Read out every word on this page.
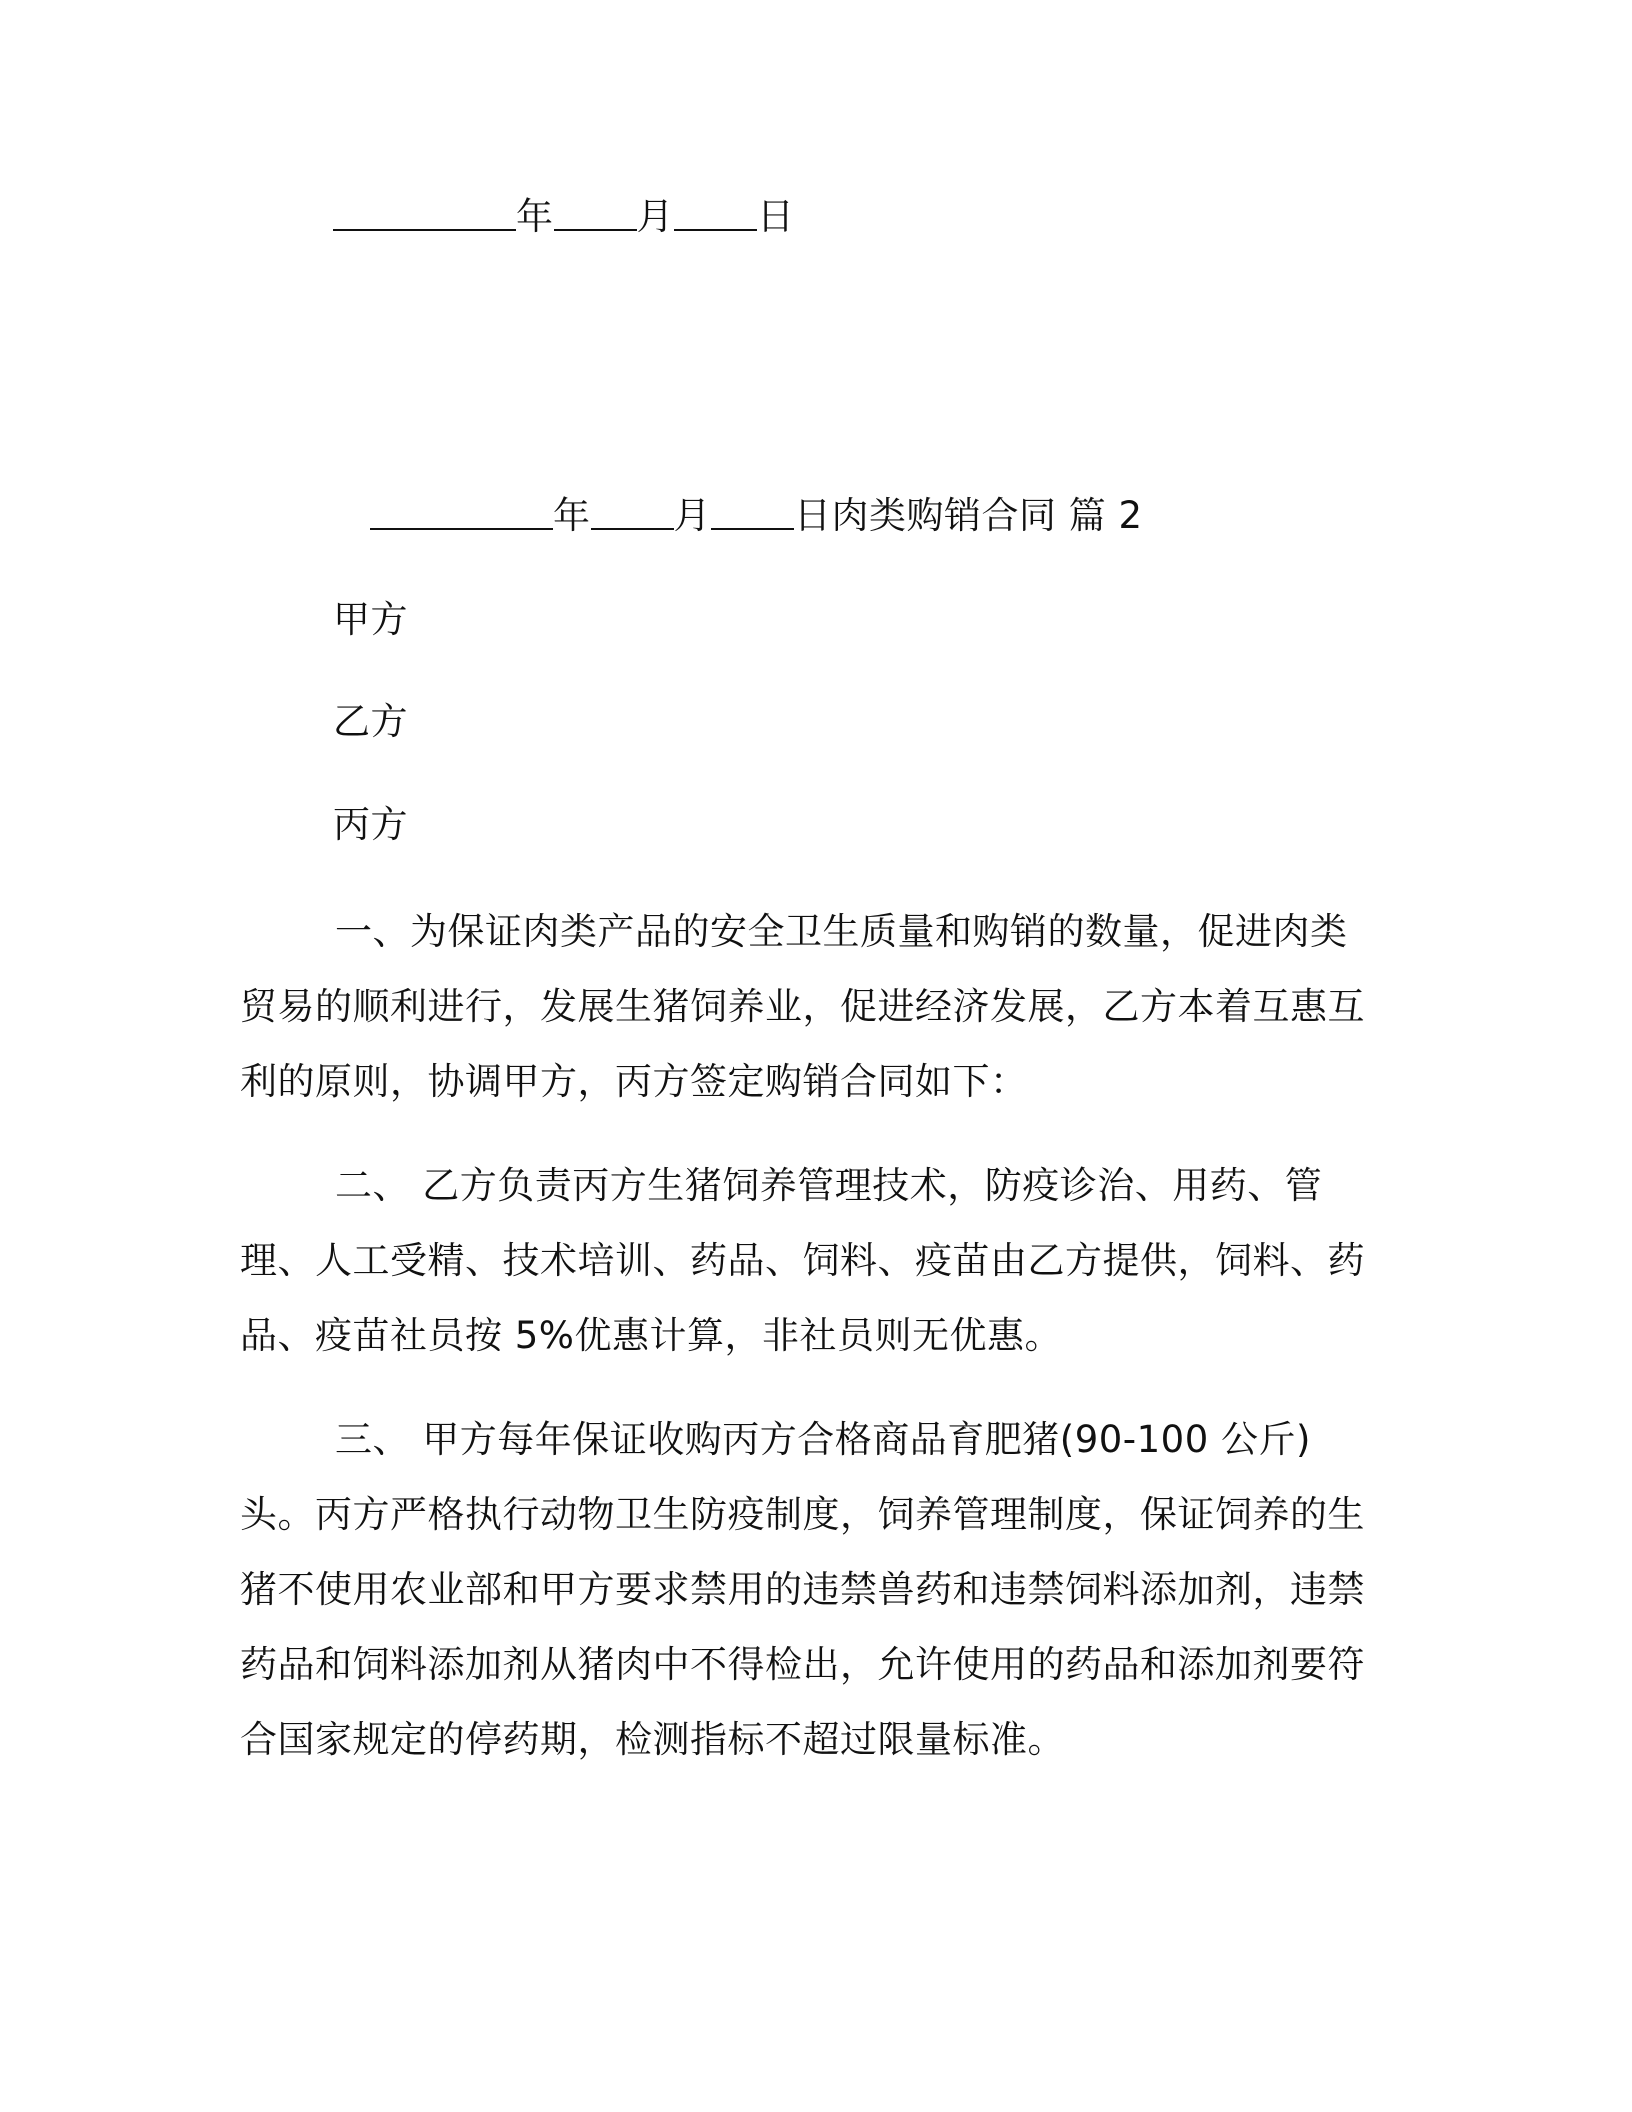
年 月 日
年 月 日肉类购销合同 篇 2
甲方
乙方
丙方
一、为保证肉类产品的安全卫生质量和购销的数量，促进肉类贸易的顺利进行，发展生猪饲养业，促进经济发展，乙方本着互惠互利的原则，协调甲方，丙方签定购销合同如下：
二、 乙方负责丙方生猪饲养管理技术，防疫诊治、用药、管理、人工受精、技术培训、药品、饲料、疫苗由乙方提供，饲料、药品、疫苗社员按 5%优惠计算，非社员则无优惠。
三、 甲方每年保证收购丙方合格商品育肥猪(90-100 公斤) 头。丙方严格执行动物卫生防疫制度，饲养管理制度，保证饲养的生猪不使用农业部和甲方要求禁用的违禁兽药和违禁饲料添加剂，违禁药品和饲料添加剂从猪肉中不得检出，允许使用的药品和添加剂要符合国家规定的停药期，检测指标不超过限量标准。
